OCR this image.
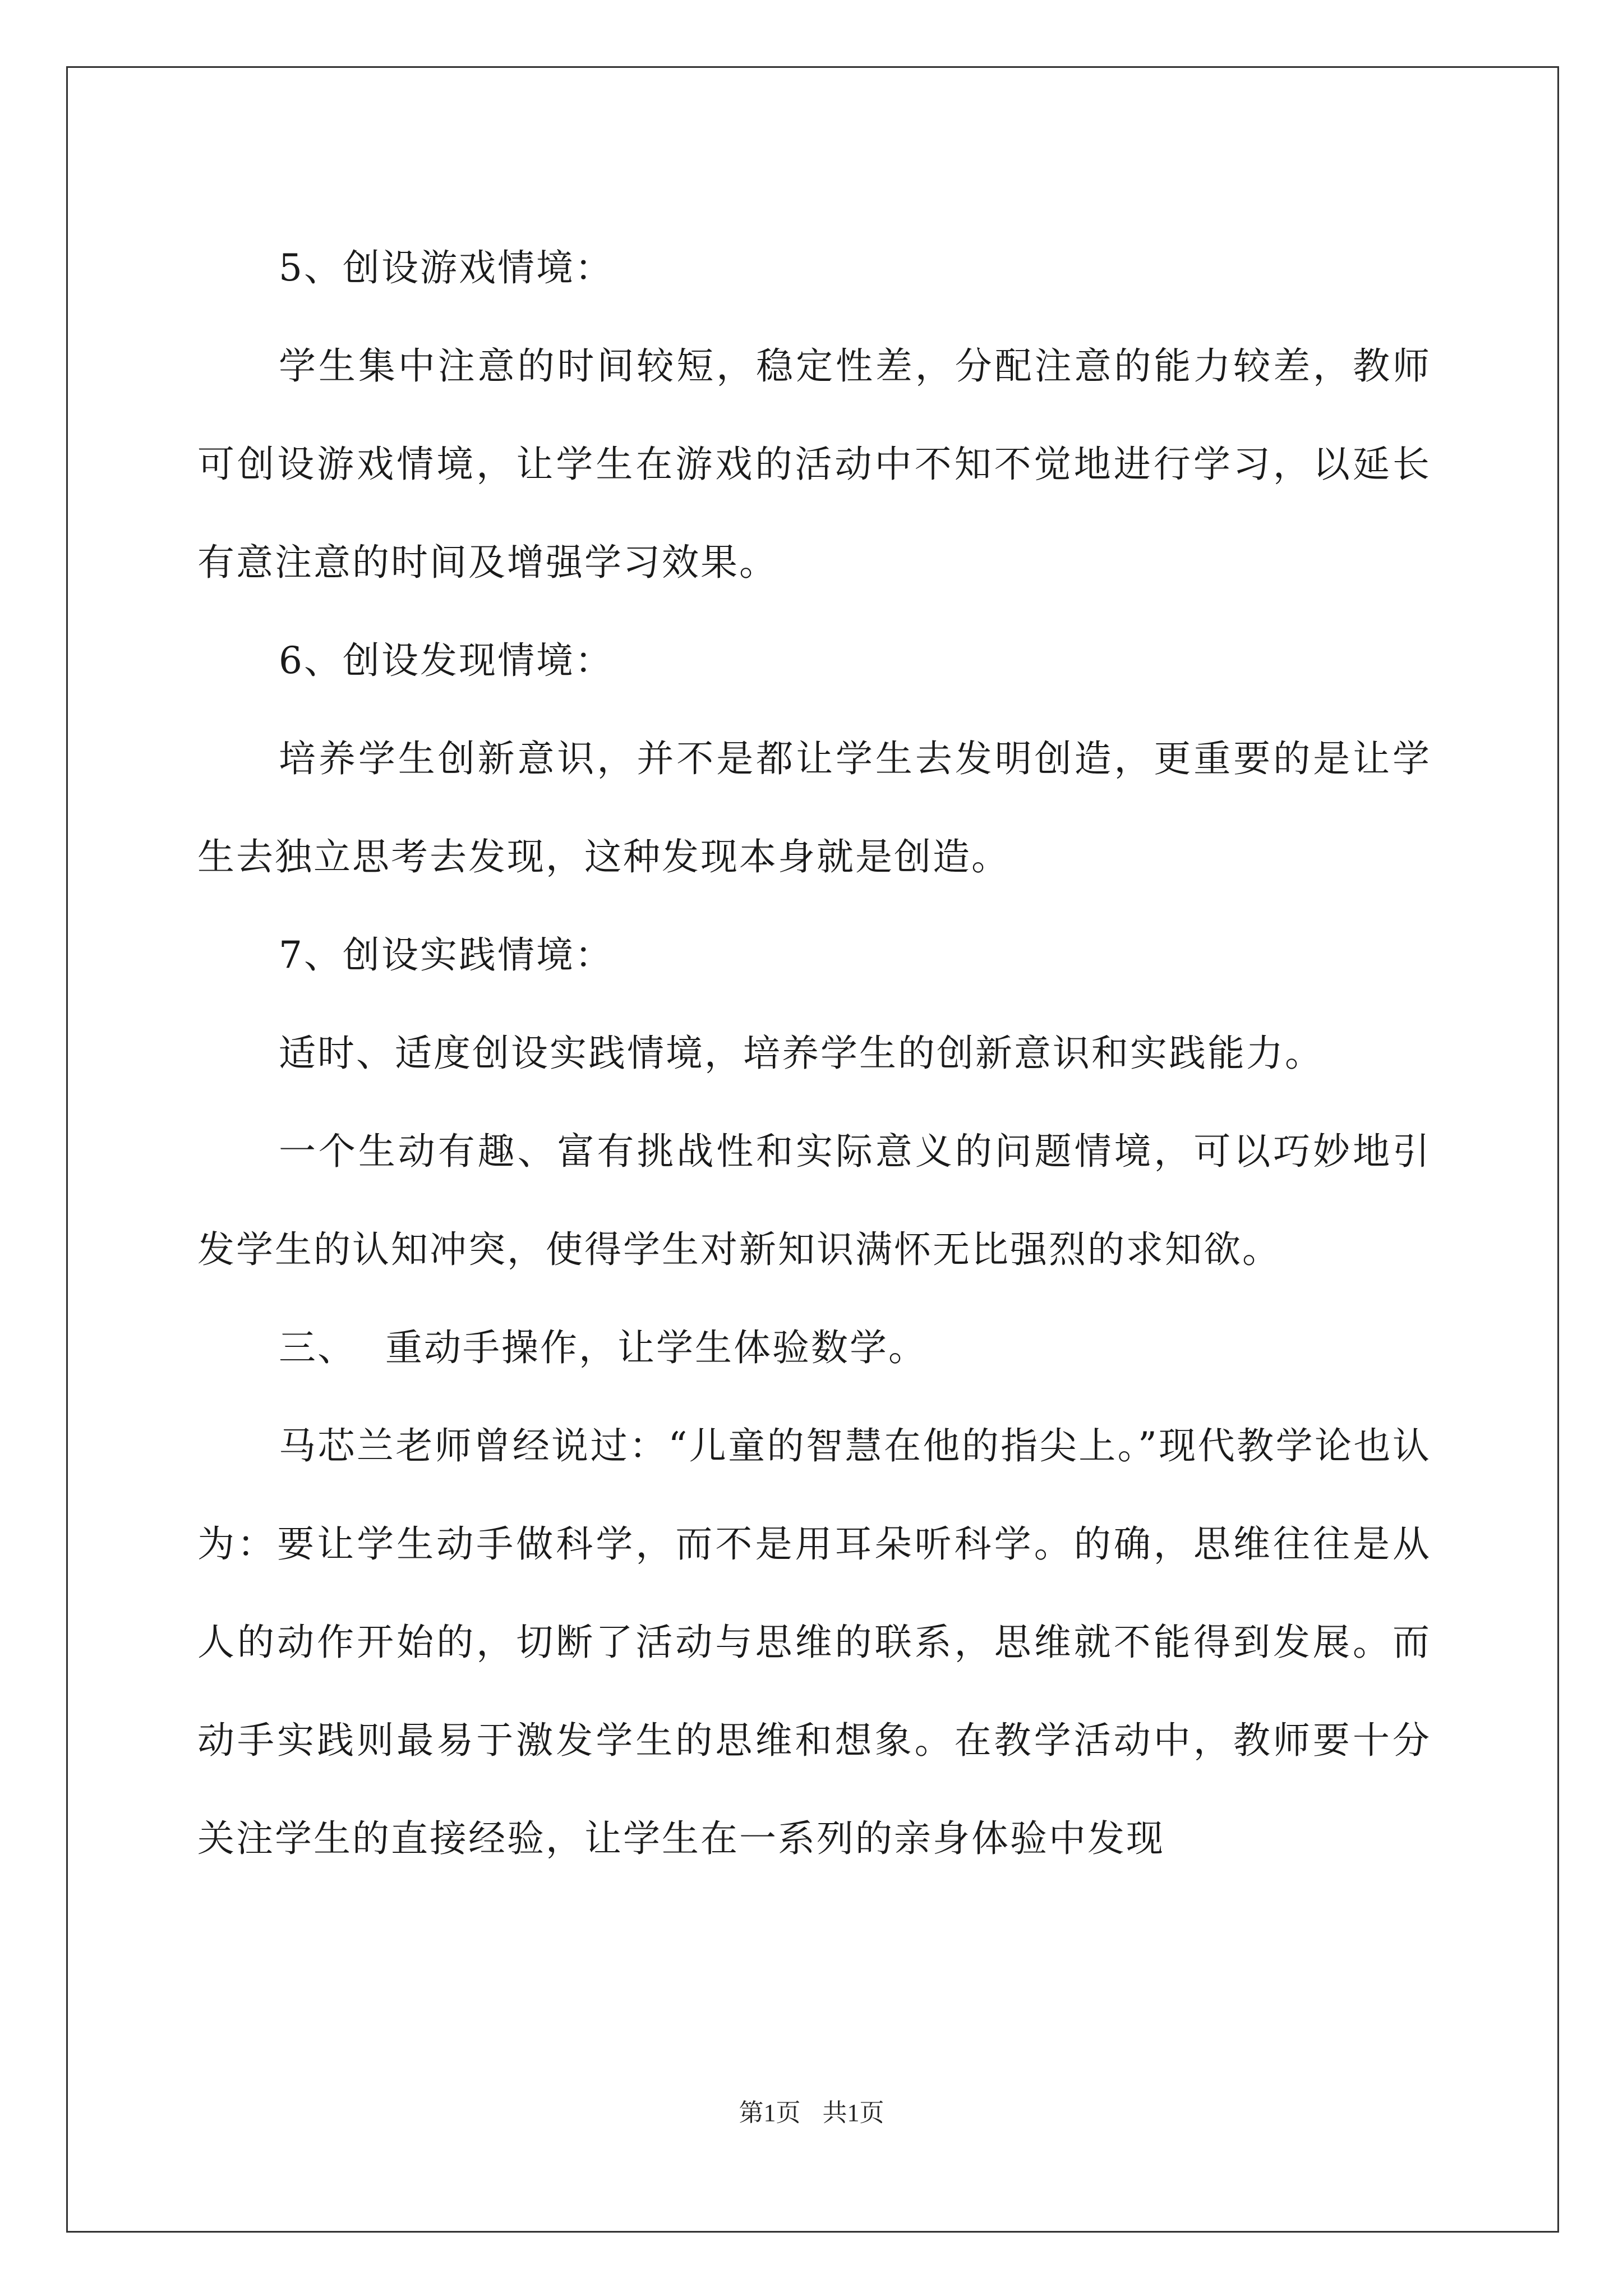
5、创设游戏情境：

学生集中注意的时间较短，稳定性差，分配注意的能力较差，教师可创设游戏情境，让学生在游戏的活动中不知不觉地进行学习，以延长有意注意的时间及增强学习效果。

6、创设发现情境：

培养学生创新意识，并不是都让学生去发明创造，更重要的是让学生去独立思考去发现，这种发现本身就是创造。

7、创设实践情境：

适时、适度创设实践情境，培养学生的创新意识和实践能力。

一个生动有趣、富有挑战性和实际意义的问题情境，可以巧妙地引发学生的认知冲突，使得学生对新知识满怀无比强烈的求知欲。

三、 重动手操作，让学生体验数学。

马芯兰老师曾经说过：“儿童的智慧在他的指尖上。”现代教学论也认为：要让学生动手做科学，而不是用耳朵听科学。的确，思维往往是从人的动作开始的，切断了活动与思维的联系，思维就不能得到发展。而动手实践则最易于激发学生的思维和想象。在教学活动中，教师要十分关注学生的直接经验，让学生在一系列的亲身体验中发现

第1页 共1页
